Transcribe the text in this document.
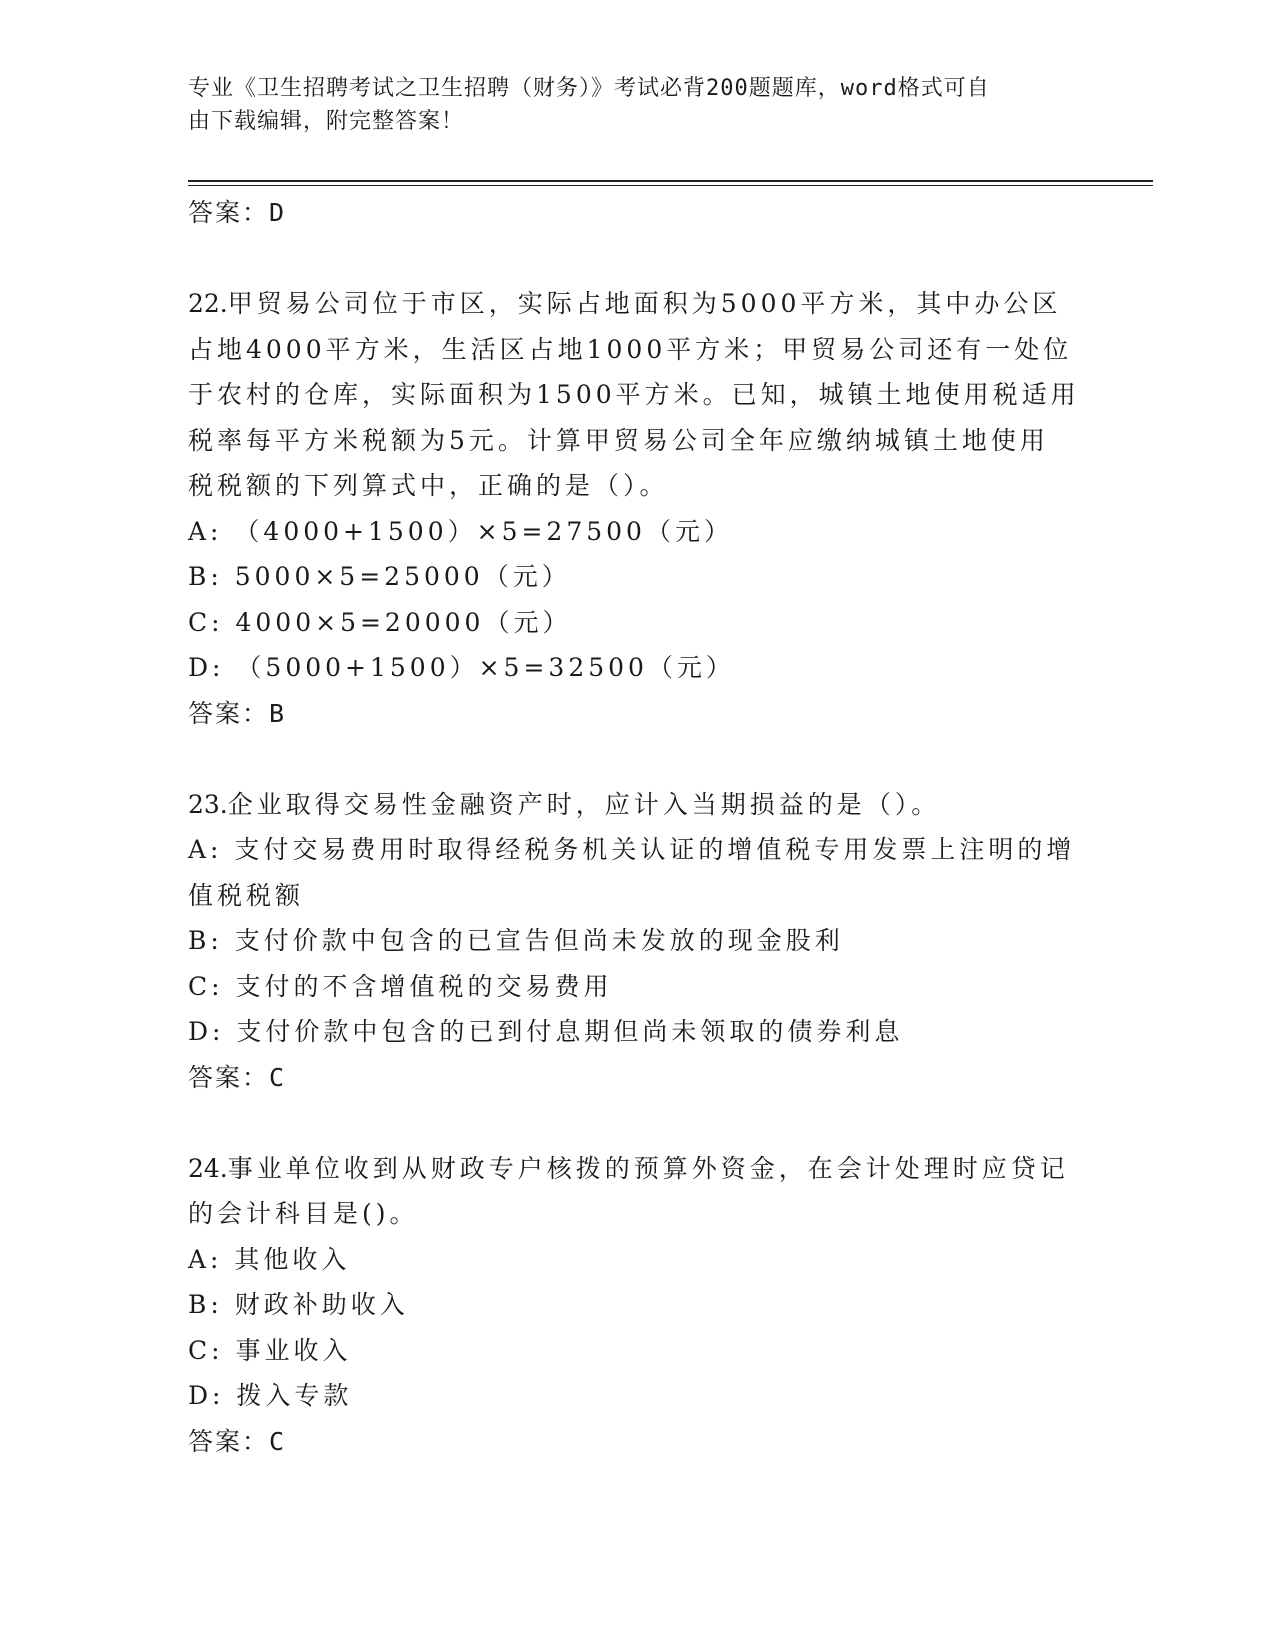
专业《卫生招聘考试之卫生招聘（财务）》考试必背200题题库，word格式可自
由下载编辑，附完整答案！
答案：D
22.甲贸易公司位于市区，实际占地面积为5000平方米，其中办公区
占地4000平方米，生活区占地1000平方米；甲贸易公司还有一处位
于农村的仓库，实际面积为1500平方米。已知，城镇土地使用税适用
税率每平方米税额为5元。计算甲贸易公司全年应缴纳城镇土地使用
税税额的下列算式中，正确的是（）。
A: （4000+1500）×5=27500（元）
B: 5000×5=25000（元）
C: 4000×5=20000（元）
D: （5000+1500）×5=32500（元）
答案：B
23.企业取得交易性金融资产时，应计入当期损益的是（）。
A: 支付交易费用时取得经税务机关认证的增值税专用发票上注明的增
值税税额
B: 支付价款中包含的已宣告但尚未发放的现金股利
C: 支付的不含增值税的交易费用
D: 支付价款中包含的已到付息期但尚未领取的债券利息
答案：C
24.事业单位收到从财政专户核拨的预算外资金，在会计处理时应贷记
的会计科目是()。
A: 其他收入
B: 财政补助收入
C: 事业收入
D: 拨入专款
答案：C
